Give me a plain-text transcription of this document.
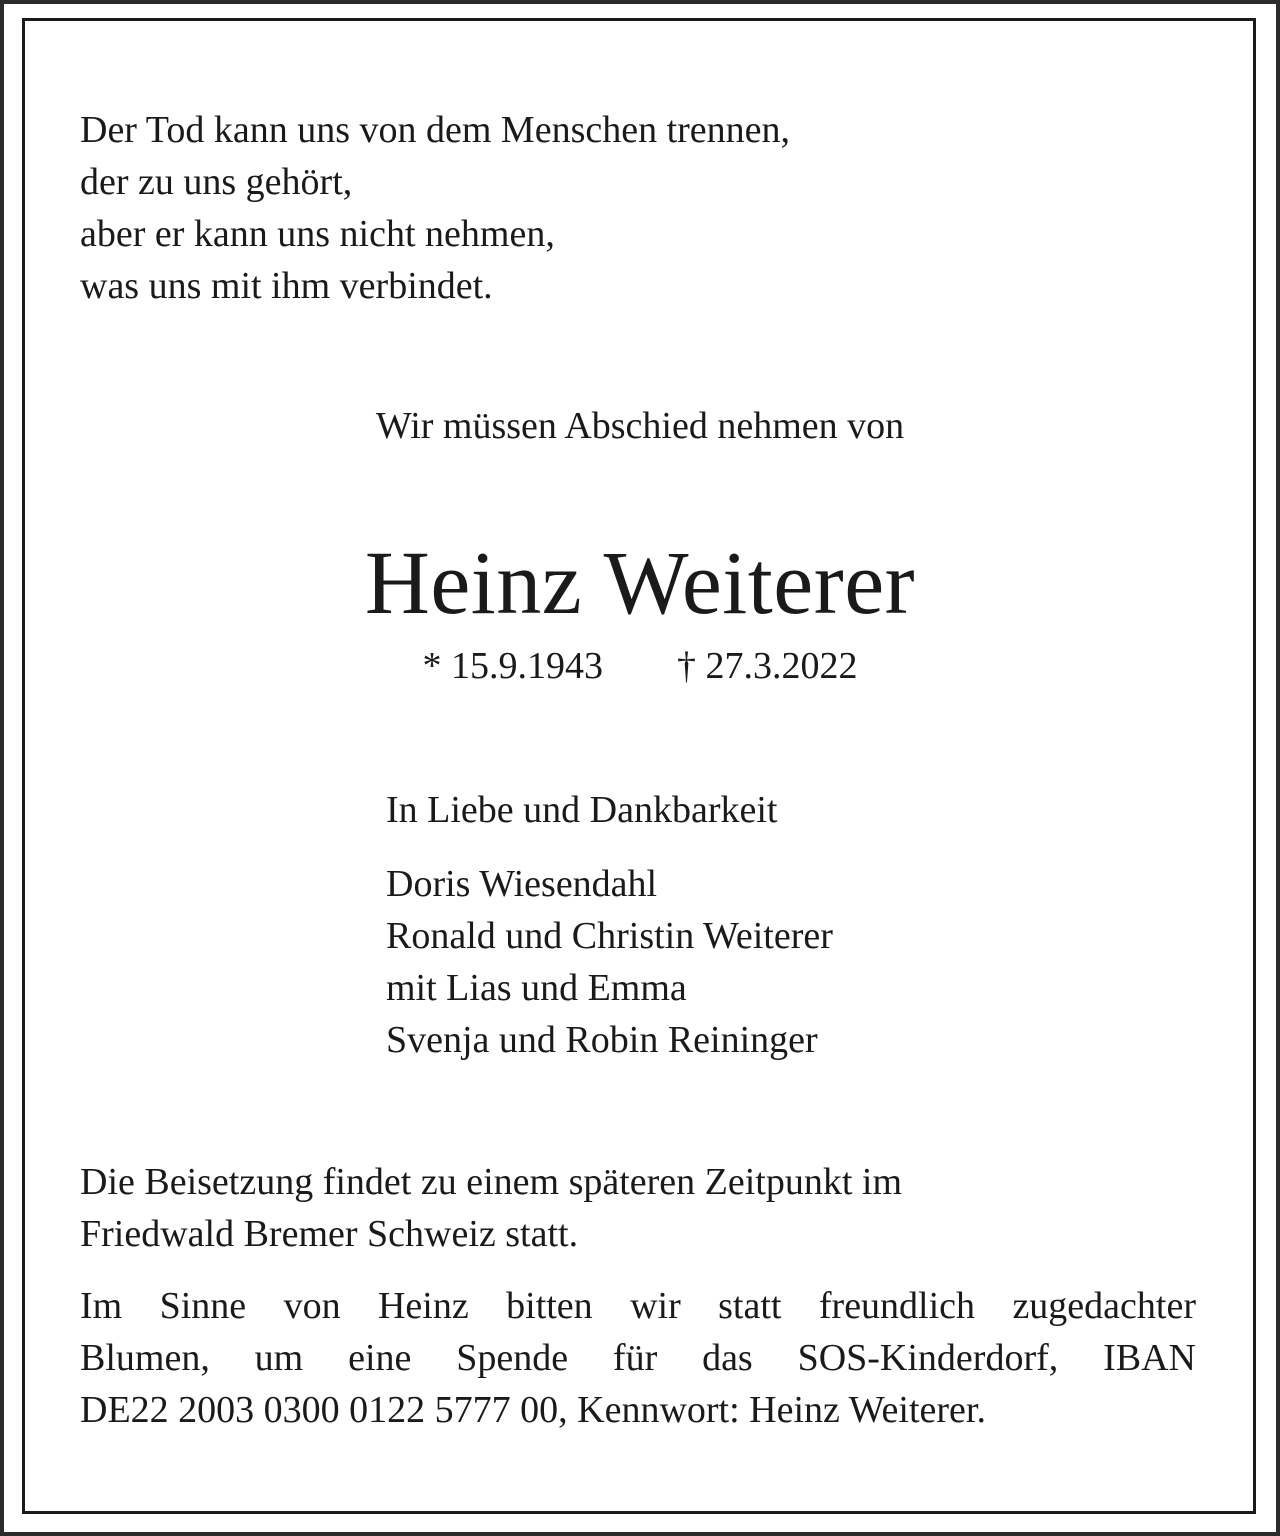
Der Tod kann uns von dem Menschen trennen,
der zu uns gehört,
aber er kann uns nicht nehmen,
was uns mit ihm verbindet.
Wir müssen Abschied nehmen von
Heinz Weiterer
* 15.9.1943 † 27.3.2022
In Liebe und Dankbarkeit
Doris Wiesendahl
Ronald und Christin Weiterer
mit Lias und Emma
Svenja und Robin Reininger
Die Beisetzung findet zu einem späteren Zeitpunkt im
Friedwald Bremer Schweiz statt.
Im Sinne von Heinz bitten wir statt freundlich zugedachter
Blumen, um eine Spende für das SOS-Kinderdorf, IBAN
DE22 2003 0300 0122 5777 00, Kennwort: Heinz Weiterer.
